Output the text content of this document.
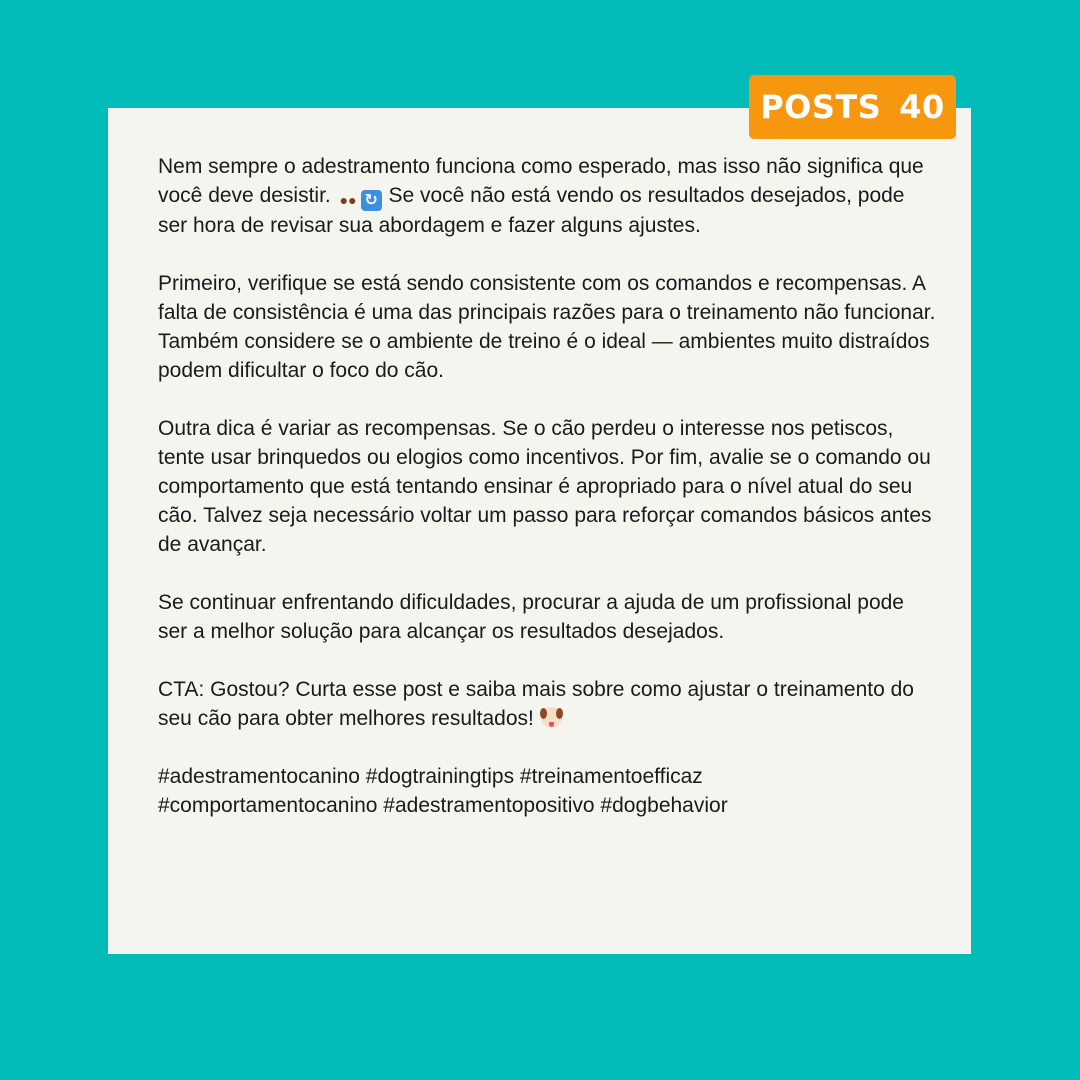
POSTS 40

Nem sempre o adestramento funciona como esperado, mas isso não significa que você deve desistir. ●● ↻ Se você não está vendo os resultados desejados, pode ser hora de revisar sua abordagem e fazer alguns ajustes.

Primeiro, verifique se está sendo consistente com os comandos e recompensas. A falta de consistência é uma das principais razões para o treinamento não funcionar. Também considere se o ambiente de treino é o ideal — ambientes muito distraídos podem dificultar o foco do cão.

Outra dica é variar as recompensas. Se o cão perdeu o interesse nos petiscos, tente usar brinquedos ou elogios como incentivos. Por fim, avalie se o comando ou comportamento que está tentando ensinar é apropriado para o nível atual do seu cão. Talvez seja necessário voltar um passo para reforçar comandos básicos antes de avançar.

Se continuar enfrentando dificuldades, procurar a ajuda de um profissional pode ser a melhor solução para alcançar os resultados desejados.

CTA: Gostou? Curta esse post e saiba mais sobre como ajustar o treinamento do seu cão para obter melhores resultados!

#adestramentocanino #dogtrainingtips #treinamentoefficaz
#comportamentocanino #adestramentopositivo #dogbehavior
